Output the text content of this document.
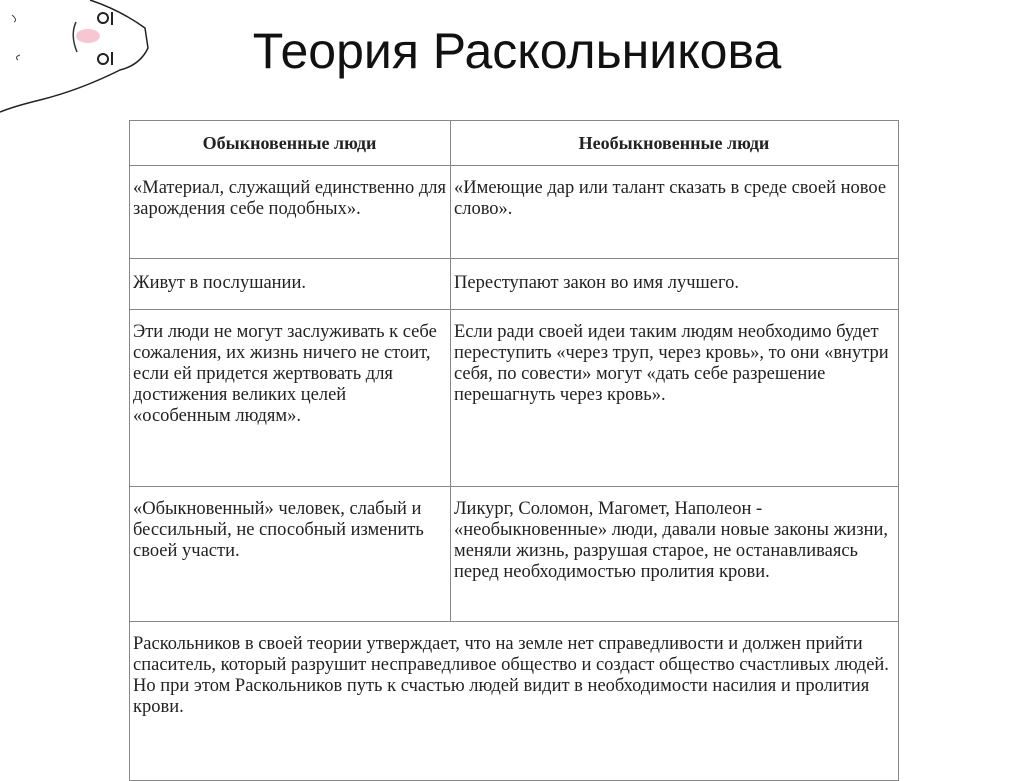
Теория Раскольникова
Обыкновенные люди	Необыкновенные люди
«Материал, служащий единственно для зарождения себе подобных».	«Имеющие дар или талант сказать в среде своей новое слово».
Живут в послушании.	Переступают закон во имя лучшего.
Эти люди не могут заслуживать к себе сожаления, их жизнь ничего не стоит, если ей придется жертвовать для достижения великих целей «особенным людям».	Если ради своей идеи таким людям необходимо будет переступить «через труп, через кровь», то они «внутри себя, по совести» могут «дать себе разрешение перешагнуть через кровь».
«Обыкновенный» человек, слабый и бессильный, не способный изменить своей участи.	Ликург, Соломон, Магомет, Наполеон - «необыкновенные» люди, давали новые законы жизни, меняли жизнь, разрушая старое, не останавливаясь перед необходимостью пролития крови.
Раскольников в своей теории утверждает, что на земле нет справедливости и должен прийти спаситель, который разрушит несправедливое общество и создаст общество счастливых людей. Но при этом Раскольников путь к счастью людей видит в необходимости насилия и пролития крови.	
